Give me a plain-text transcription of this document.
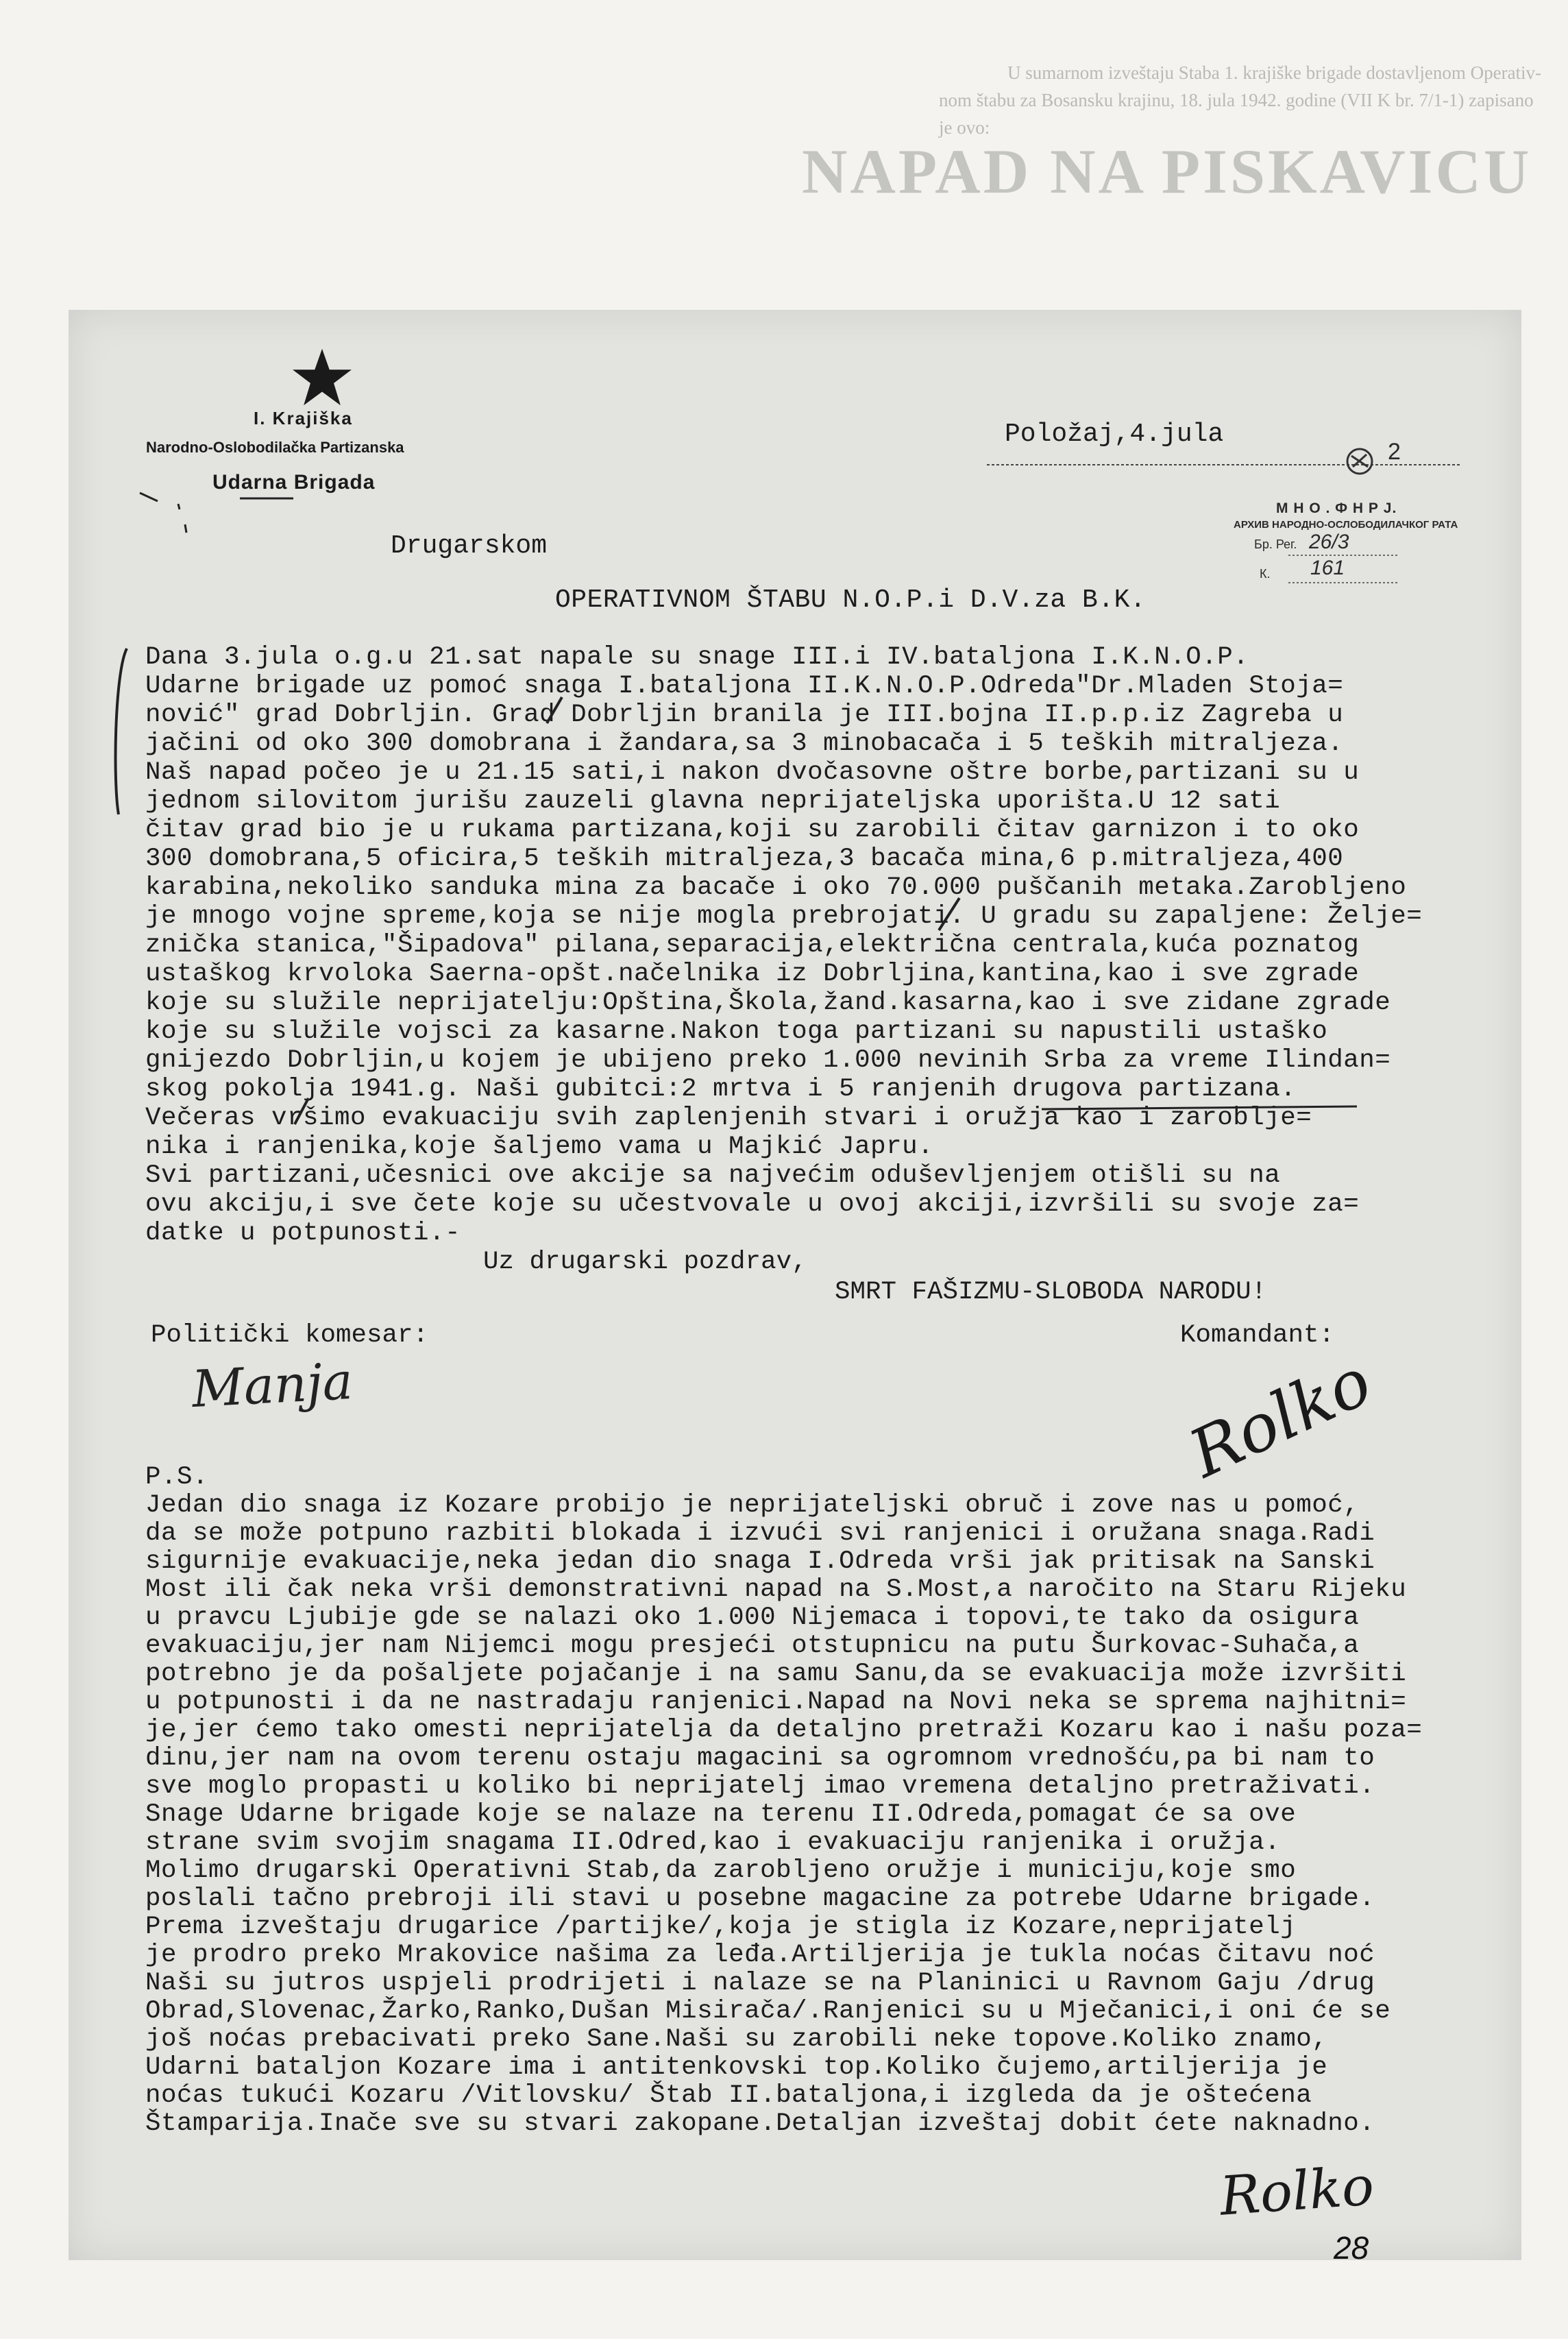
U sumarnom izveštaju Staba 1. krajiške brigade dostavljenom Operativ-
nom štabu za Bosansku krajinu, 18. jula 1942. godine (VII K br. 7/1-1) zapisano
je ovo:
NAPAD NA PISKAVICU
I. Krajiška
Narodno-Oslobodilačka Partizanska
Udarna Brigada
Položaj,4.jula
2
М Н О . Ф Н Р Ј.
АРХИВ НАРОДНО-ОСЛОБОДИЛАЧКОГ РАТА
Бр. Рег. 26/3
К. 161
Drugarskom
OPERATIVNOM ŠTABU N.O.P.i D.V.za B.K.
Dana 3.jula o.g.u 21.sat napale su snage III.i IV.bataljona I.K.N.O.P.
Udarne brigade uz pomoć snaga I.bataljona II.K.N.O.P.Odreda"Dr.Mladen Stoja=
nović" grad Dobrljin. Grad Dobrljin branila je III.bojna II.p.p.iz Zagreba u
jačini od oko 300 domobrana i žandara,sa 3 minobacača i 5 teških mitraljeza.
Naš napad počeo je u 21.15 sati,i nakon dvočasovne oštre borbe,partizani su u
jednom silovitom jurišu zauzeli glavna neprijateljska uporišta.U 12 sati
čitav grad bio je u rukama partizana,koji su zarobili čitav garnizon i to oko
300 domobrana,5 oficira,5 teških mitraljeza,3 bacača mina,6 p.mitraljeza,400
karabina,nekoliko sanduka mina za bacače i oko 70.000 puščanih metaka.Zarobljeno
je mnogo vojne spreme,koja se nije mogla prebrojati. U gradu su zapaljene: Želje=
znička stanica,"Šipadova" pilana,separacija,električna centrala,kuća poznatog
ustaškog krvoloka Saerna-opšt.načelnika iz Dobrljina,kantina,kao i sve zgrade
koje su služile neprijatelju:Opština,Škola,žand.kasarna,kao i sve zidane zgrade
koje su služile vojsci za kasarne.Nakon toga partizani su napustili ustaško
gnijezdo Dobrljin,u kojem je ubijeno preko 1.000 nevinih Srba za vreme Ilindan=
skog pokolja 1941.g. Naši gubitci:2 mrtva i 5 ranjenih drugova partizana.
Večeras vršimo evakuaciju svih zaplenjenih stvari i oružja kao i zarobljе=
nika i ranjenika,koje šaljemo vama u Majkić Japru.
Svi partizani,učesnici ove akcije sa najvećim oduševljenjem otišli su na
ovu akciju,i sve čete koje su učestvovale u ovoj akciji,izvršili su svoje za=
datke u potpunosti.-
Uz drugarski pozdrav,
SMRT FAŠIZMU-SLOBODA NARODU!
Politički komesar:	Komandant:
Manja	Rolko
P.S.
Jedan dio snaga iz Kozare probijo je neprijateljski obruč i zove nas u pomoć,
da se može potpuno razbiti blokada i izvući svi ranjenici i oružana snaga.Radi
sigurnije evakuacije,neka jedan dio snaga I.Odreda vrši jak pritisak na Sanski
Most ili čak neka vrši demonstrativni napad na S.Most,a naročito na Staru Rijeku
u pravcu Ljubije gde se nalazi oko 1.000 Nijemaca i topovi,te tako da osigura
evakuaciju,jer nam Nijemci mogu presjeći otstupnicu na putu Šurkovac-Suhača,a
potrebno je da pošaljete pojačanje i na samu Sanu,da se evakuacija može izvršiti
u potpunosti i da ne nastradaju ranjenici.Napad na Novi neka se sprema najhitni=
je,jer ćemo tako omesti neprijatelja da detaljno pretraži Kozaru kao i našu poza=
dinu,jer nam na ovom terenu ostaju magacini sa ogromnom vrednošću,pa bi nam to
sve moglo propasti u koliko bi neprijatelj imao vremena detaljno pretraživati.
Snage Udarne brigade koje se nalaze na terenu II.Odreda,pomagat će sa ove
strane svim svojim snagama II.Odred,kao i evakuaciju ranjenika i oružja.
Molimo drugarski Operativni Stab,da zarobljeno oružje i municiju,koje smo
poslali tačno prebroji ili stavi u posebne magacine za potrebe Udarne brigade.
Prema izveštaju drugarice /partijke/,koja je stigla iz Kozare,neprijatelj
je prodro preko Mrakovice našima za leđa.Artiljerija je tukla noćas čitavu noć
Naši su jutros uspjeli prodrijeti i nalaze se na Planinici u Ravnom Gaju /drug
Obrad,Slovenac,Žarko,Ranko,Dušan Misirača/.Ranjenici su u Mječanici,i oni će se
još noćas prebacivati preko Sane.Naši su zarobili neke topove.Koliko znamo,
Udarni bataljon Kozare ima i antitenkovski top.Koliko čujemo,artiljerija je
noćas tukući Kozaru /Vitlovsku/ Štab II.bataljona,i izgleda da je oštećena
Štamparija.Inače sve su stvari zakopane.Detaljan izveštaj dobit ćete naknadno.
Rolko
28
